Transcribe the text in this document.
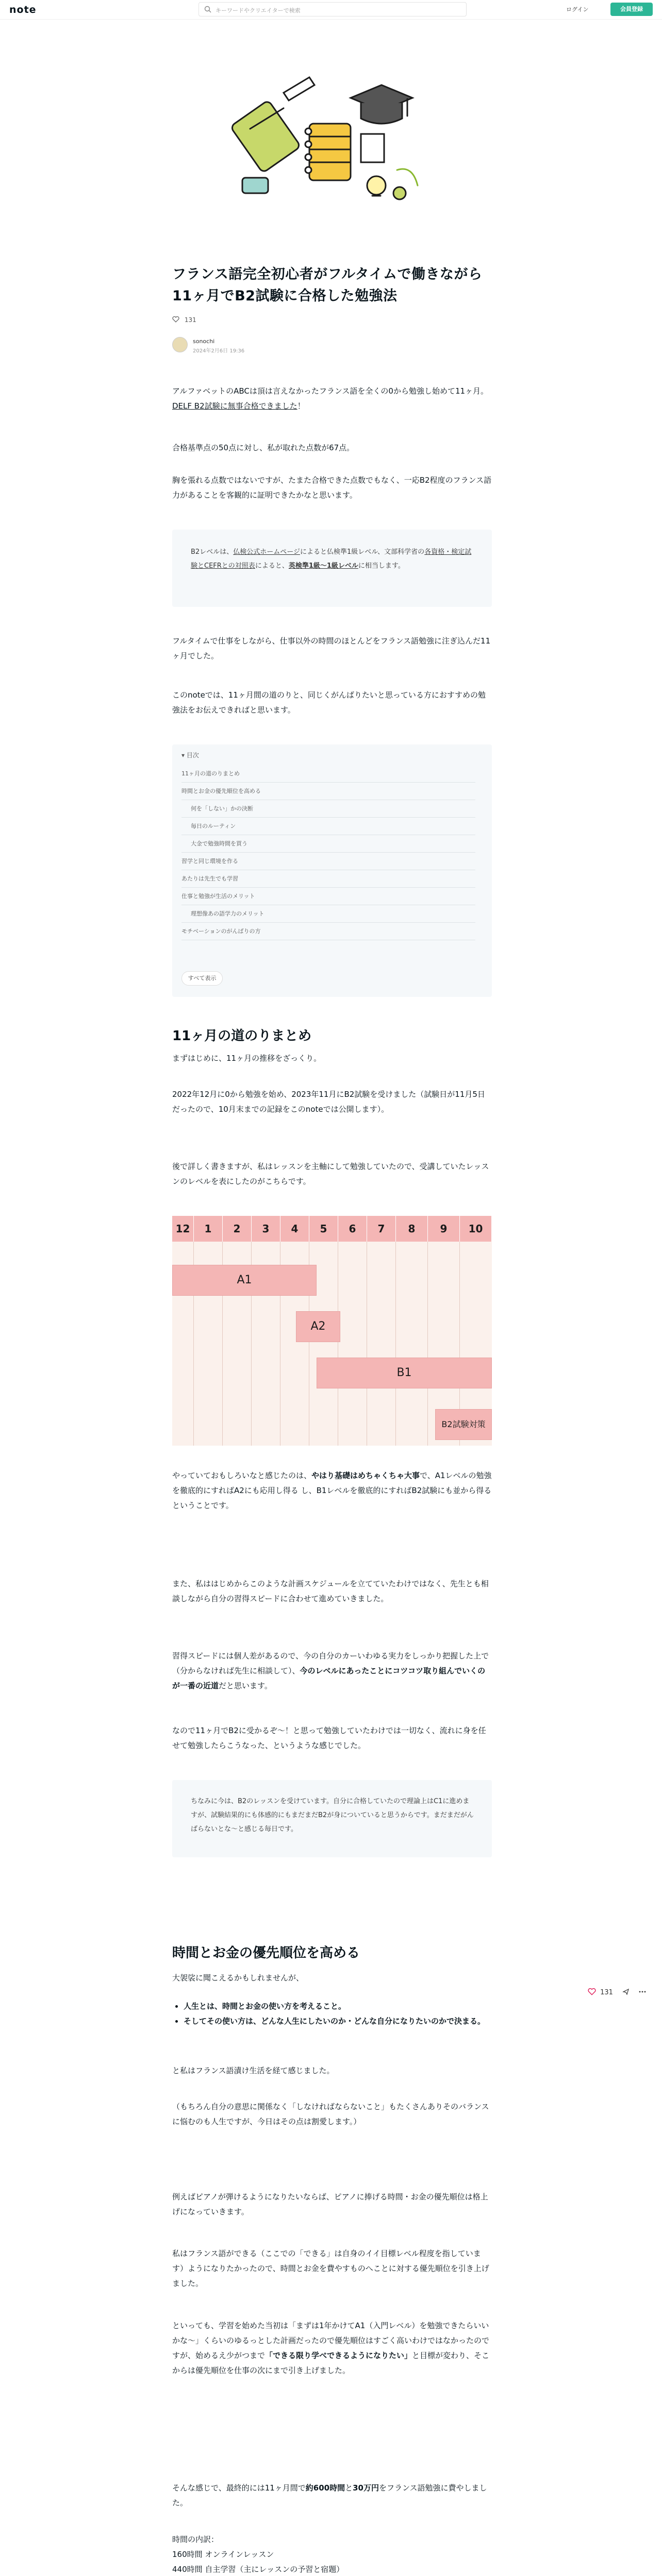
note	キーワードやクリエイターで検索	ログイン	会員登録
フランス語完全初心者がフルタイムで働きながら11ヶ月でB2試験に合格した勉強法
131
sonochi
2024年2月6日 19:36

アルファベットのABCは頂は言えなかったフランス語を全くの0から勉強し始めて11ヶ月。DELF B2試験に無事合格できました！

合格基準点の50点に対し、私が取れた点数が67点。

胸を張れる点数ではないですが、たまた合格できた点数でもなく、一応B2程度のフランス語力があることを客観的に証明できたかなと思います。

B2レベルは、仏検公式ホームページによると仏検準1級レベル、文部科学省の各資格・検定試験とCEFRとの対照表によると、英検準1級〜1級レベルに相当します。

フルタイムで仕事をしながら、仕事以外の時間のほとんどをフランス語勉強に注ぎ込んだ11ヶ月でした。

このnoteでは、11ヶ月間の道のりと、同じくがんばりたいと思っている方におすすめの勉強法をお伝えできればと思います。

▾ 目次
11ヶ月の道のりまとめ
時間とお金の優先順位を高める
何を「しない」かの決断
毎日のルーティン
大金で勉強時間を買う
習学と同じ環境を作る
あたりは先生でも学習
仕事と勉強が生活のメリット
理想像あの語学力のメリット
モチベーションのがんばりの方
すべて表示
11ヶ月の道のりまとめ

まずはじめに、11ヶ月の推移をざっくり。

2022年12月に0から勉強を始め、2023年11月にB2試験を受けました（試験日が11月5日だったので、10月末までの記録をこのnoteでは公開します）。

後で詳しく書きますが、私はレッスンを主軸にして勉強していたので、受講していたレッスンのレベルを表にしたのがこちらです。

12	1	2	3	4	5	6	7	8	9	10
A1
A2
B1
B2試験対策

やっていておもしろいなと感じたのは、やはり基礎はめちゃくちゃ大事で、A1レベルの勉強を徹底的にすればA2にも応用し得る し、B1レベルを徹底的にすればB2試験にも並から得るということです。

また、私ははじめからこのような計画スケジュールを立てていたわけではなく、先生とも相談しながら自分の習得スピードに合わせて進めていきました。

習得スピードには個人差があるので、今の自分のカーいわゆる実力をしっかり把握した上で（分からなければ先生に相談して）、今のレベルにあったことにコツコツ取り組んでいくのが一番の近道だと思います。

なので11ヶ月でB2に受かるぞ〜！と思って勉強していたわけでは一切なく、流れに身を任せて勉強したらこうなった、というような感じでした。

ちなみに今は、B2のレッスンを受けています。自分に合格していたので理論上はC1に進めますが、試験結果的にも体感的にもまだまだB2が身についていると思うからです。まだまだがんばらないとな〜と感じる毎日です。

時間とお金の優先順位を高める

大袈裟に聞こえるかもしれませんが、

• 人生とは、時間とお金の使い方を考えること。
• そしてその使い方は、どんな人生にしたいのか・どんな自分になりたいのかで決まる。

と私はフランス語漬け生活を経て感じました。

（もちろん自分の意思に関係なく「しなければならないこと」もたくさんありそのバランスに悩むのも人生ですが、今日はその点は割愛します。）

例えばピアノが弾けるようになりたいならば、ピアノに捧げる時間・お金の優先順位は格上げになっていきます。

私はフランス語ができる（ここでの「できる」は自身のイイ目標レベル程度を指しています）ようになりたかったので、時間とお金を費やすものへことに対する優先順位を引き上げました。

といっても、学習を始めた当初は「まずは1年かけてA1（入門レベル）を勉強できたらいいかな〜」くらいのゆるっとした計画だったので優先順位はすごく高いわけではなかったのですが、始めるえ少がつまで「できる限り学べできるようになりたい」と目標が変わり、そこからは優先順位を仕事の次にまで引き上げました。

そんな感じで、最終的には11ヶ月間で約600時間と30万円をフランス語勉強に費やしました。

時間の内訳：

160時間 オンラインレッスン

440時間 自主学習（主にレッスンの予習と宿題）

131
